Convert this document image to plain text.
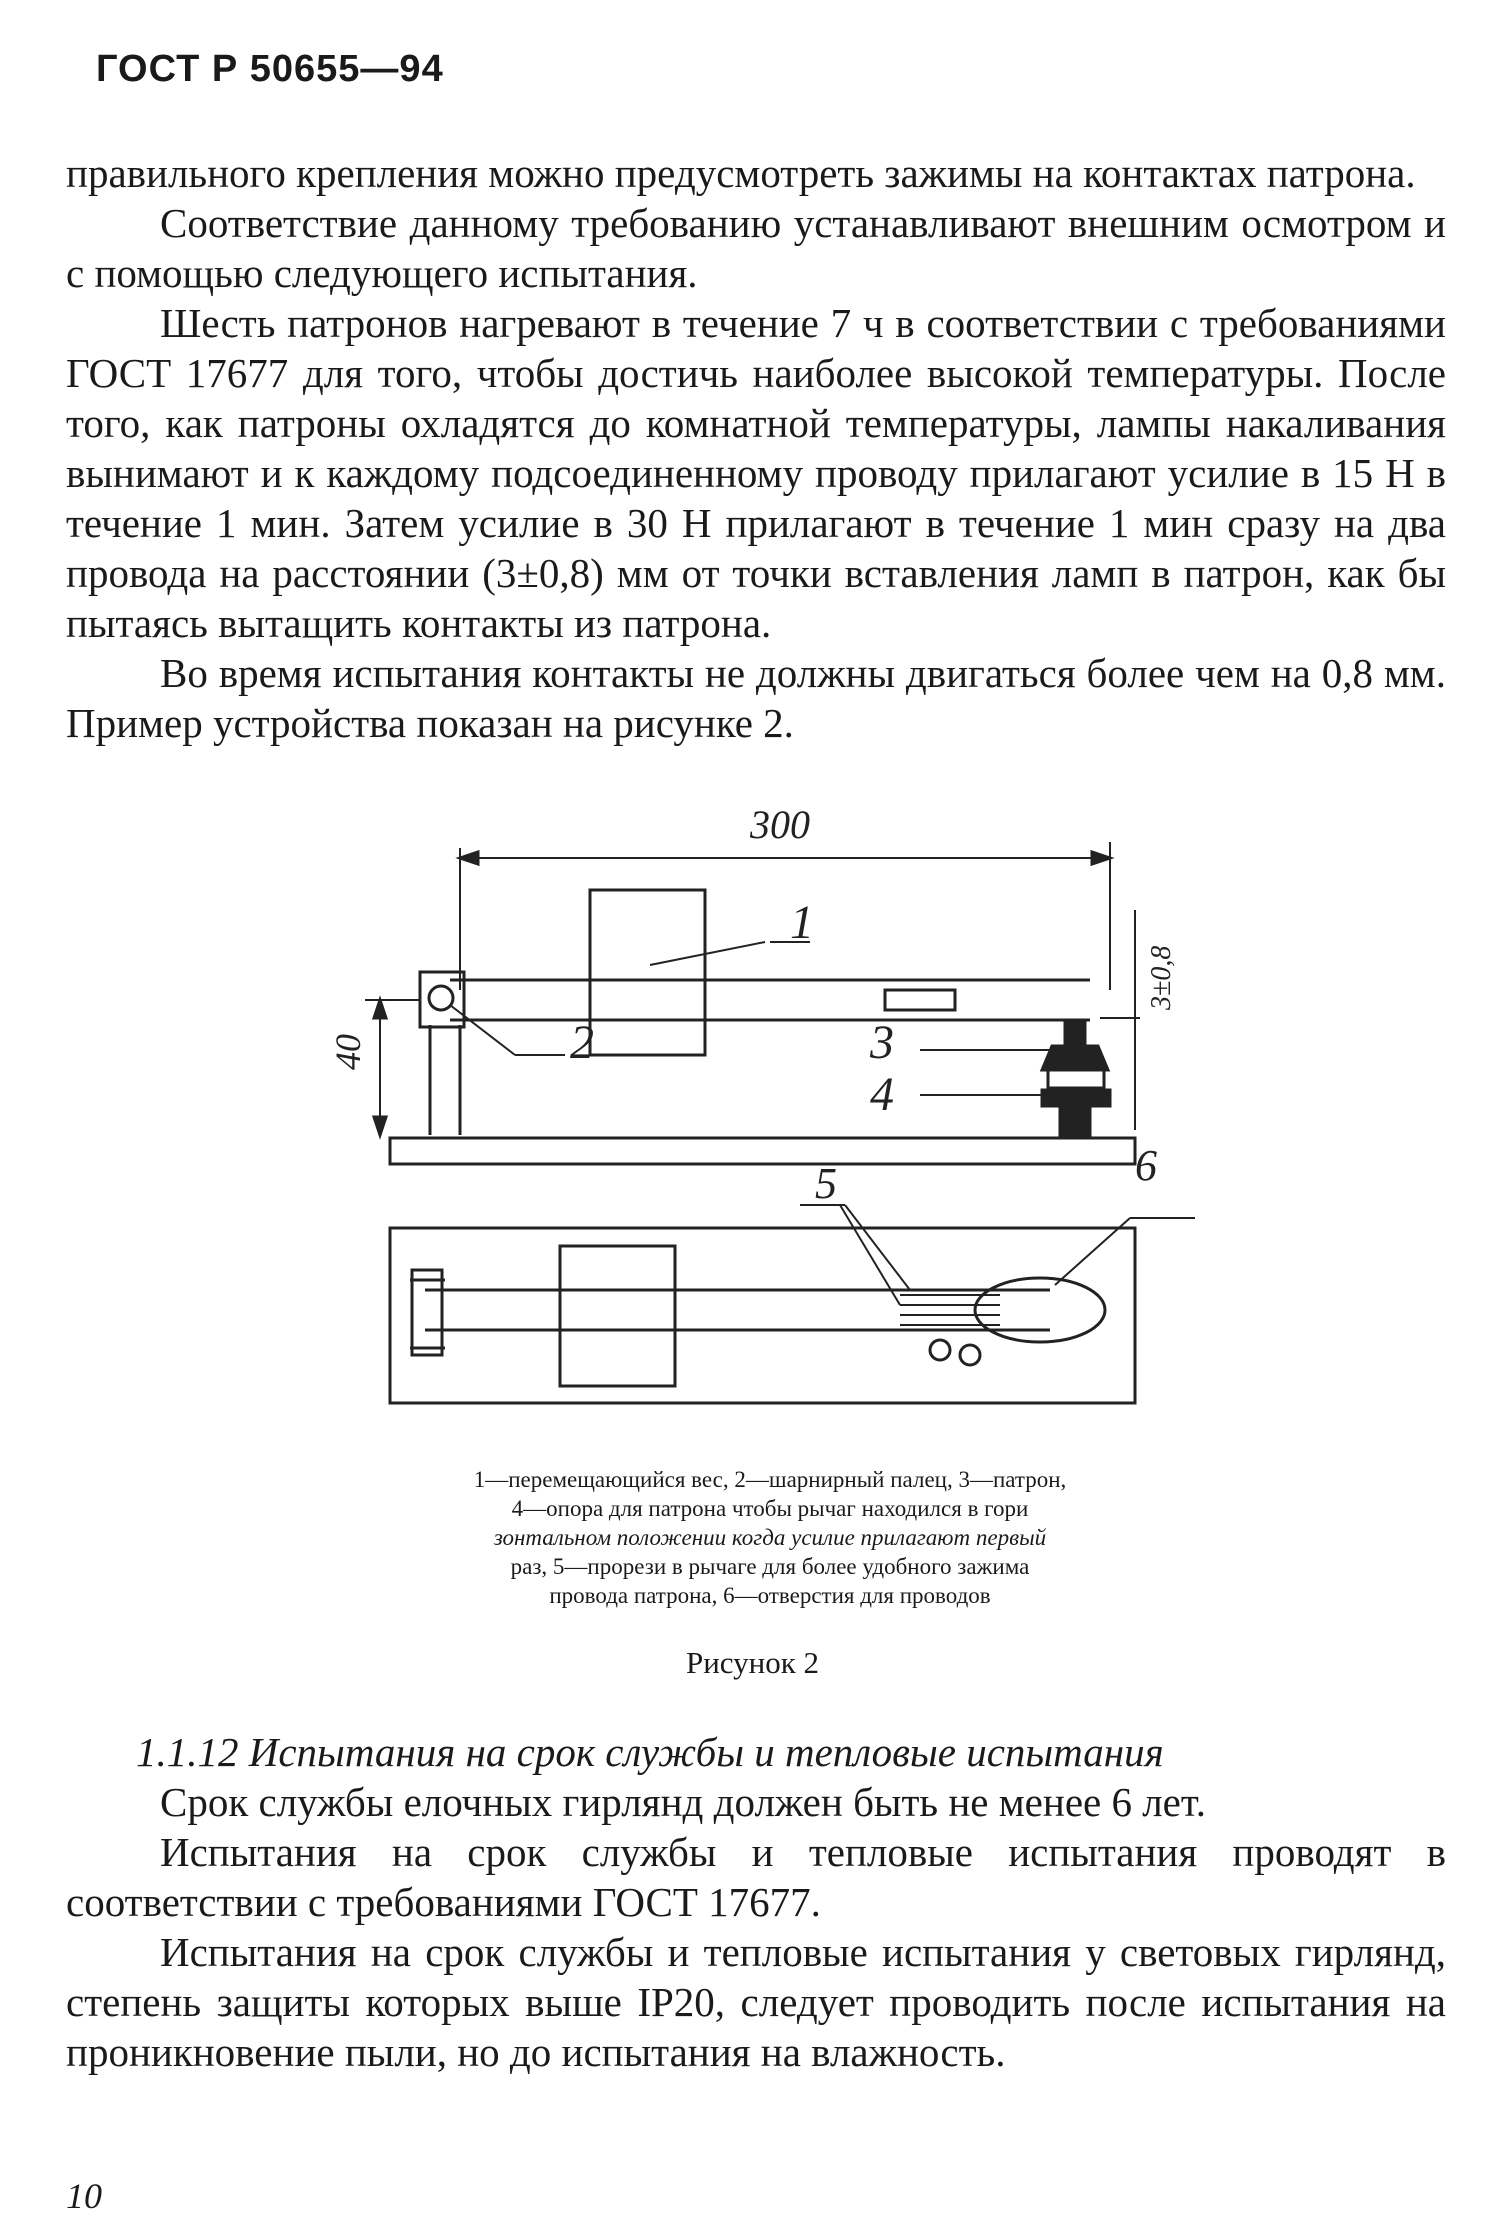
ГОСТ Р 50655—94

правильного крепления можно предусмотреть зажимы на контактах патрона.

Соответствие данному требованию устанавливают внешним осмотром и с помощью следующего испытания.

Шесть патронов нагревают в течение 7 ч в соответствии с требованиями ГОСТ 17677 для того, чтобы достичь наиболее высокой температуры. После того, как патроны охладятся до комнатной температуры, лампы накаливания вынимают и к каждому подсоединенному проводу прилагают усилие в 15 Н в течение 1 мин. Затем усилие в 30 Н прилагают в течение 1 мин сразу на два провода на расстоянии (3±0,8) мм от точки вставления ламп в патрон, как бы пытаясь вытащить контакты из патрона.

Во время испытания контакты не должны двигаться более чем на 0,8 мм. Пример устройства показан на рисунке 2.

300
1
2	3
4
5	6
40
3±0,8
1—перемещающийся вес, 2—шарнирный палец, 3—патрон,
4—опора для патрона чтобы рычаг находился в гори
зонтальном положении когда усилие прилагают первый
раз, 5—прорези в рычаге для более удобного зажима
провода патрона, 6—отверстия для проводов
Рисунок 2

1.1.12 Испытания на срок службы и тепловые испытания

Срок службы елочных гирлянд должен быть не менее 6 лет.

Испытания на срок службы и тепловые испытания проводят в соответствии с требованиями ГОСТ 17677.

Испытания на срок службы и тепловые испытания у световых гирлянд, степень защиты которых выше IP20, следует проводить после испытания на проникновение пыли, но до испытания на влажность.

10
